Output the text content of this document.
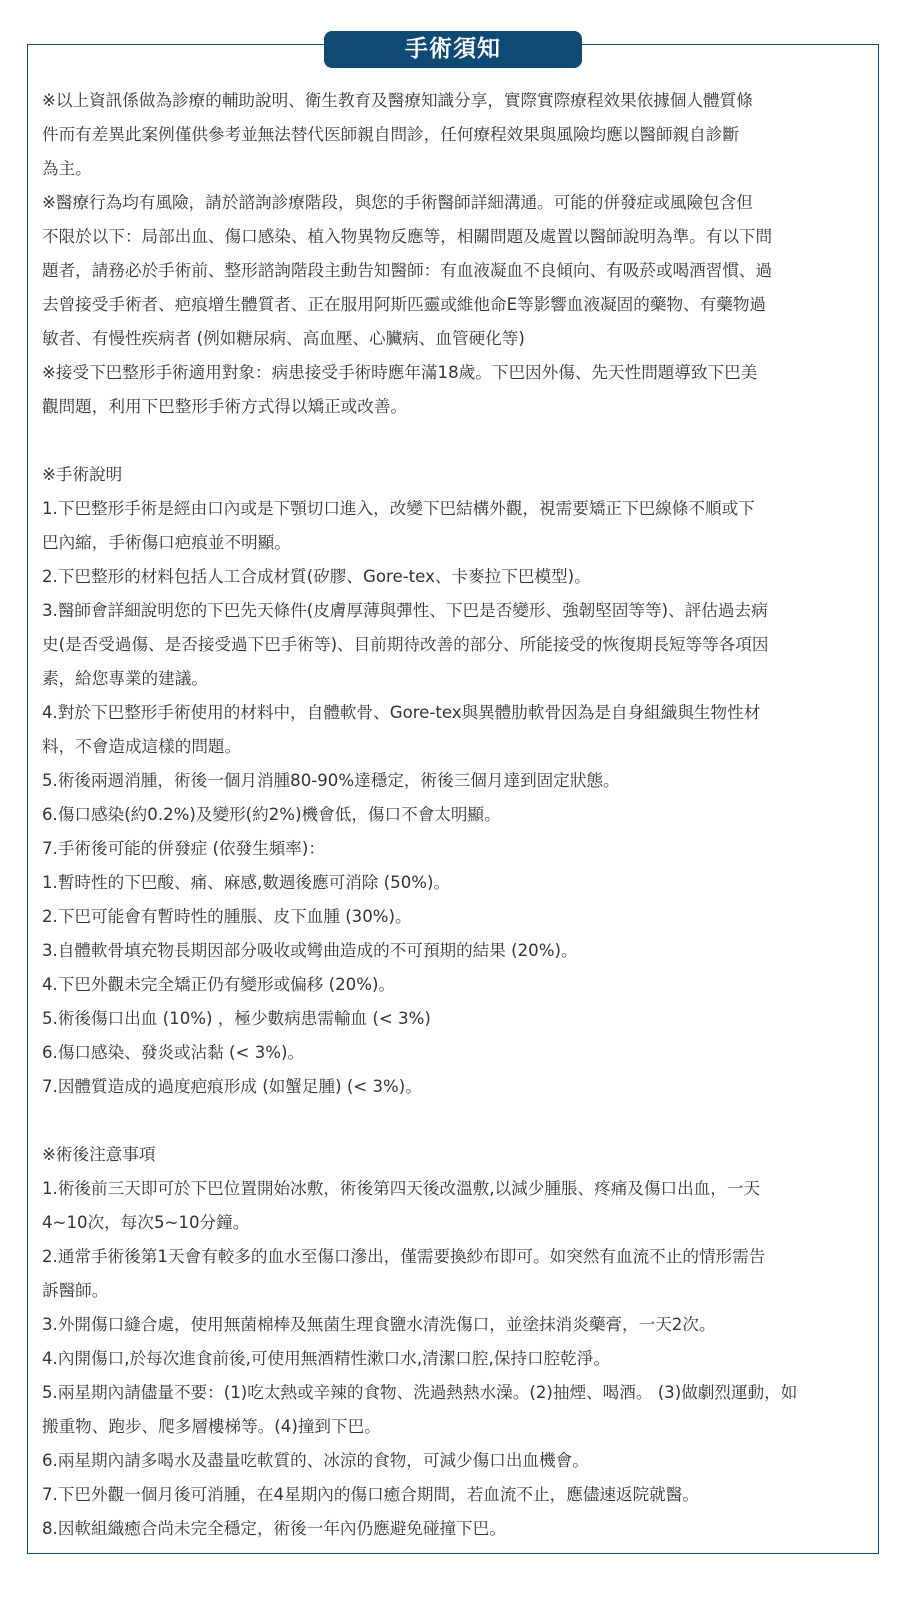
手術須知
※以上資訊係做為診療的輔助說明、衛生教育及醫療知識分享，實際實際療程效果依據個人體質條
件而有差異此案例僅供參考並無法替代医師親自問診，任何療程效果與風險均應以醫師親自診斷
為主。
※醫療行為均有風險，請於諮詢診療階段，與您的手術醫師詳細溝通。可能的併發症或風險包含但
不限於以下：局部出血、傷口感染、植入物異物反應等，相關問題及處置以醫師說明為準。有以下問
題者，請務必於手術前、整形諮詢階段主動告知醫師：有血液凝血不良傾向、有吸菸或喝酒習慣、過
去曾接受手術者、疤痕增生體質者、正在服用阿斯匹靈或維他命E等影響血液凝固的藥物、有藥物過
敏者、有慢性疾病者 (例如糖尿病、高血壓、心臟病、血管硬化等)
※接受下巴整形手術適用對象：病患接受手術時應年滿18歲。下巴因外傷、先天性問題導致下巴美
觀問題，利用下巴整形手術方式得以矯正或改善。
※手術說明
1.下巴整形手術是經由口內或是下顎切口進入，改變下巴結構外觀，視需要矯正下巴線條不順或下
巴內縮，手術傷口疤痕並不明顯。
2.下巴整形的材料包括人工合成材質(矽膠、Gore-tex、卡麥拉下巴模型)。
3.醫師會詳細說明您的下巴先天條件(皮膚厚薄與彈性、下巴是否變形、強韌堅固等等)、評估過去病
史(是否受過傷、是否接受過下巴手術等)、目前期待改善的部分、所能接受的恢復期長短等等各項因
素，給您專業的建議。
4.對於下巴整形手術使用的材料中，自體軟骨、Gore-tex與異體肋軟骨因為是自身組織與生物性材
料，不會造成這樣的問題。
5.術後兩週消腫，術後一個月消腫80-90%達穩定，術後三個月達到固定狀態。
6.傷口感染(約0.2%)及變形(約2%)機會低，傷口不會太明顯。
7.手術後可能的併發症 (依發生頻率)：
1.暫時性的下巴酸、痛、麻感,數週後應可消除 (50%)。
2.下巴可能會有暫時性的腫脹、皮下血腫 (30%)。
3.自體軟骨填充物長期因部分吸收或彎曲造成的不可預期的結果 (20%)。
4.下巴外觀未完全矯正仍有變形或偏移 (20%)。
5.術後傷口出血 (10%) ，極少數病患需輸血 (< 3%)
6.傷口感染、發炎或沾黏 (< 3%)。
7.因體質造成的過度疤痕形成 (如蟹足腫) (< 3%)。
※術後注意事項
1.術後前三天即可於下巴位置開始冰敷，術後第四天後改溫敷,以減少腫脹、疼痛及傷口出血，一天
4~10次，每次5~10分鐘。
2.通常手術後第1天會有較多的血水至傷口滲出，僅需要換紗布即可。如突然有血流不止的情形需告
訴醫師。
3.外開傷口縫合處，使用無菌棉棒及無菌生理食鹽水清洗傷口，並塗抹消炎藥膏，一天2次。
4.內開傷口,於每次進食前後,可使用無酒精性漱口水,清潔口腔,保持口腔乾淨。
5.兩星期內請儘量不要：(1)吃太熱或辛辣的食物、洗過熱熱水澡。(2)抽煙、喝酒。 (3)做劇烈運動，如
搬重物、跑步、爬多層樓梯等。(4)撞到下巴。
6.兩星期內請多喝水及盡量吃軟質的、冰涼的食物，可減少傷口出血機會。
7.下巴外觀一個月後可消腫，在4星期內的傷口癒合期間，若血流不止，應儘速返院就醫。
8.因軟組織癒合尚未完全穩定，術後一年內仍應避免碰撞下巴。
